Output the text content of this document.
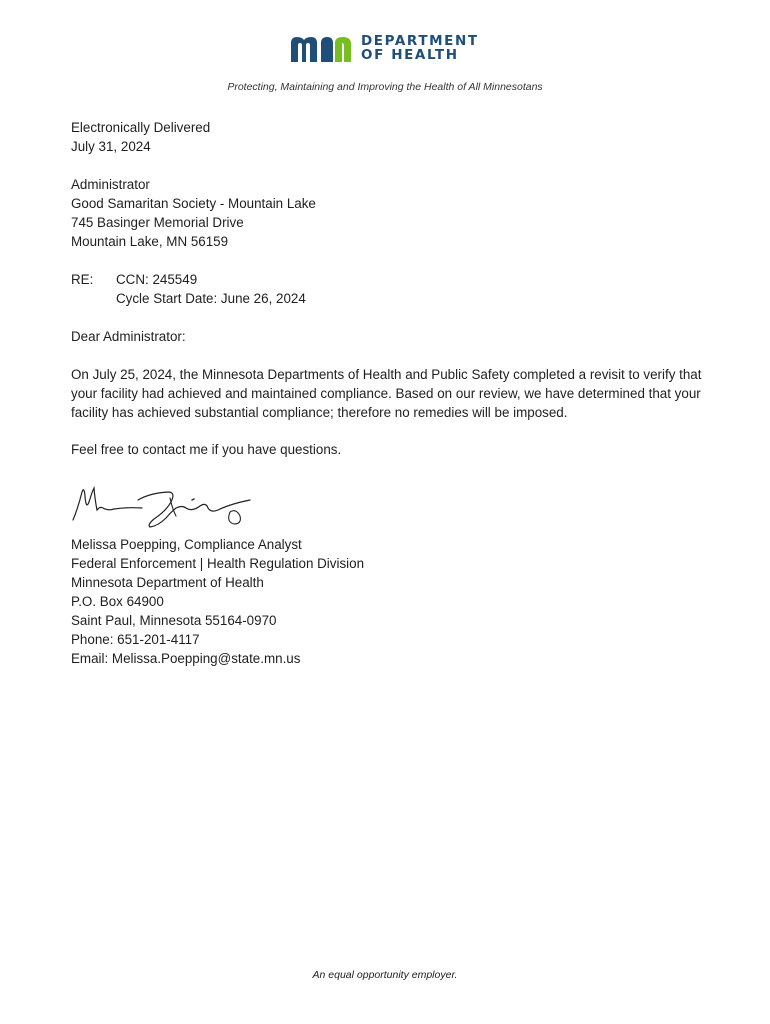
DEPARTMENT
OF HEALTH
Protecting, Maintaining and Improving the Health of All Minnesotans
Electronically Delivered
July 31, 2024
Administrator
Good Samaritan Society - Mountain Lake
745 Basinger Memorial Drive
Mountain Lake, MN 56159
RE:	CCN: 245549
Cycle Start Date: June 26, 2024
Dear Administrator:

On July 25, 2024, the Minnesota Departments of Health and Public Safety completed a revisit to verify that your facility had achieved and maintained compliance. Based on our review, we have determined that your facility has achieved substantial compliance; therefore no remedies will be imposed.

Feel free to contact me if you have questions.
Melissa Poepping, Compliance Analyst
Federal Enforcement | Health Regulation Division
Minnesota Department of Health
P.O. Box 64900
Saint Paul, Minnesota 55164-0970
Phone: 651-201-4117
Email: Melissa.Poepping@state.mn.us
An equal opportunity employer.
